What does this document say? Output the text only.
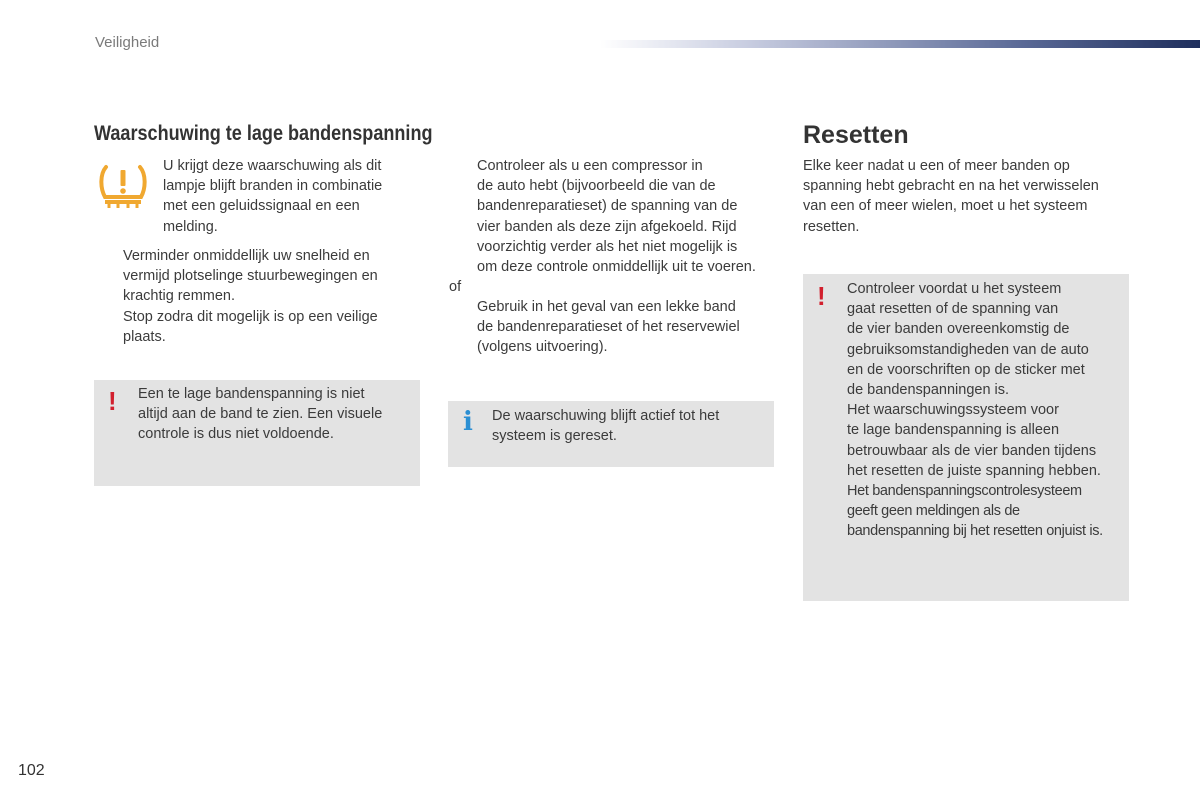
Veiligheid
Waarschuwing te lage bandenspanning
U krijgt deze waarschuwing als dit
lampje blijft branden in combinatie
met een geluidssignaal en een
melding.
Verminder onmiddellijk uw snelheid en
vermijd plotselinge stuurbewegingen en
krachtig remmen.
Stop zodra dit mogelijk is op een veilige
plaats.
! Een te lage bandenspanning is niet
altijd aan de band te zien. Een visuele
controle is dus niet voldoende.
Controleer als u een compressor in
de auto hebt (bijvoorbeeld die van de
bandenreparatieset) de spanning van de
vier banden als deze zijn afgekoeld. Rijd
voorzichtig verder als het niet mogelijk is
om deze controle onmiddellijk uit te voeren.
of
Gebruik in het geval van een lekke band
de bandenreparatieset of het reservewiel
(volgens uitvoering).
i De waarschuwing blijft actief tot het
systeem is gereset.
Resetten
Elke keer nadat u een of meer banden op
spanning hebt gebracht en na het verwisselen
van een of meer wielen, moet u het systeem
resetten.
! Controleer voordat u het systeem
gaat resetten of de spanning van
de vier banden overeenkomstig de
gebruiksomstandigheden van de auto
en de voorschriften op de sticker met
de bandenspanningen is.
Het waarschuwingssysteem voor
te lage bandenspanning is alleen
betrouwbaar als de vier banden tijdens
het resetten de juiste spanning hebben.
Het bandenspanningscontrolesysteem
geeft geen meldingen als de
bandenspanning bij het resetten onjuist is.
102
